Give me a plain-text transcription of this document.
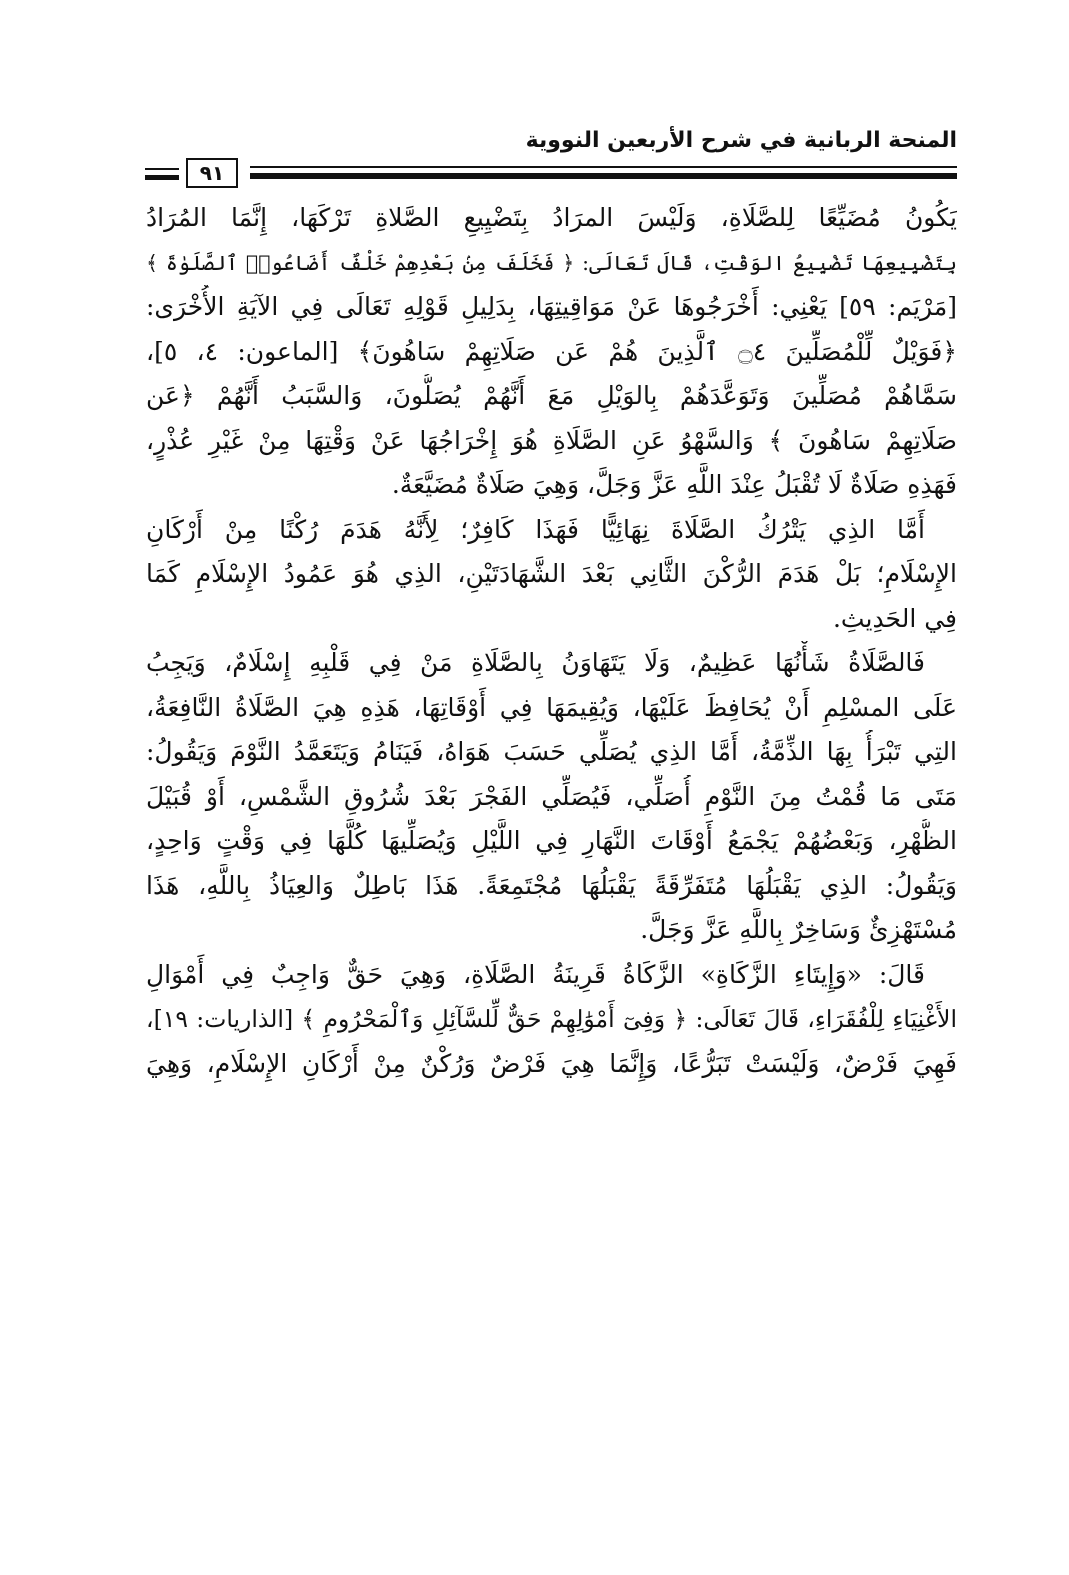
المنحة الربانية في شرح الأربعين النووية
٩١
يَكُونُ مُضَيِّعًا لِلصَّلَاةِ، وَلَيْسَ المرَادُ بِتَضْيِيعِ الصَّلاةِ تَرْكَهَا، إِنَّمَا المُرَادُ
بِتَضْيِيعِهَا تَضْيِيعُ الوَقْتِ، قَالَ تَعَالَى: ﴿ فَخَلَفَ مِنۢ بَعْدِهِمْ خَلْفٌ أَضَاعُوا۟ ٱلصَّلَوٰةَ ﴾
[مَرْيَم: ٥٩] يَعْنِي: أَخْرَجُوهَا عَنْ مَوَاقِيتِهَا، بِدَلِيلِ قَوْلِهِ تَعَالَى فِي الآيَةِ الأُخْرَى:
﴿فَوَيْلٌ لِّلْمُصَلِّينَ ۝٤ ٱلَّذِينَ هُمْ عَن صَلَاتِهِمْ سَاهُونَ﴾ [الماعون: ٤، ٥]،
سَمَّاهُمْ مُصَلِّينَ وَتَوَعَّدَهُمْ بِالوَيْلِ مَعَ أَنَّهُمْ يُصَلُّونَ، وَالسَّبَبُ أَنَّهُمْ ﴿عَن
صَلَاتِهِمْ سَاهُونَ ﴾ وَالسَّهْوُ عَنِ الصَّلَاةِ هُوَ إِخْرَاجُهَا عَنْ وَقْتِهَا مِنْ غَيْرِ عُذْرٍ،
فَهَذِهِ صَلَاةٌ لَا تُقْبَلُ عِنْدَ اللَّهِ عَزَّ وَجَلَّ، وَهِيَ صَلَاةٌ مُضَيَّعَةٌ.
أَمَّا الذِي يَتْرُكُ الصَّلَاةَ نِهَائِيًّا فَهَذَا كَافِرٌ؛ لِأَنَّهُ هَدَمَ رُكْنًا مِنْ أَرْكَانِ
الإِسْلَامِ؛ بَلْ هَدَمَ الرُّكْنَ الثَّانِي بَعْدَ الشَّهَادَتَيْنِ، الذِي هُوَ عَمُودُ الإِسْلَامِ كَمَا
فِي الحَدِيثِ.
فَالصَّلَاةُ شَأْنُهَا عَظِيمٌ، وَلَا يَتَهَاوَنُ بِالصَّلَاةِ مَنْ فِي قَلْبِهِ إِسْلَامٌ، وَيَجِبُ
عَلَى المسْلِمِ أَنْ يُحَافِظَ عَلَيْهَا، وَيُقِيمَهَا فِي أَوْقَاتِهَا، هَذِهِ هِيَ الصَّلَاةُ النَّافِعَةُ،
التِي تَبْرَأُ بِهَا الذِّمَّةُ، أَمَّا الذِي يُصَلِّي حَسَبَ هَوَاهُ، فَيَنَامُ وَيَتَعَمَّدُ النَّوْمَ وَيَقُولُ:
مَتَى مَا قُمْتُ مِنَ النَّوْمِ أُصَلِّي، فَيُصَلِّي الفَجْرَ بَعْدَ شُرُوقِ الشَّمْسِ، أَوْ قُبَيْلَ
الظُّهْرِ، وَبَعْضُهُمْ يَجْمَعُ أَوْقَاتَ النَّهَارِ فِي اللَّيْلِ وَيُصَلِّيهَا كُلَّهَا فِي وَقْتٍ وَاحِدٍ،
وَيَقُولُ: الذِي يَقْبَلُهَا مُتَفَرِّقَةً يَقْبَلُهَا مُجْتَمِعَةً. هَذَا بَاطِلٌ وَالعِيَاذُ بِاللَّهِ، هَذَا
مُسْتَهْزِئٌ وَسَاخِرٌ بِاللَّهِ عَزَّ وَجَلَّ.
قَالَ: «وَإِيتَاءِ الزَّكَاةِ» الزَّكَاةُ قَرِينَةُ الصَّلَاةِ، وَهِيَ حَقٌّ وَاجِبٌ فِي أَمْوَالِ
الأَغْنِيَاءِ لِلْفُقَرَاءِ، قَالَ تَعَالَى: ﴿ وَفِىٓ أَمْوَٰلِهِمْ حَقٌّ لِّلسَّآئِلِ وَٱلْمَحْرُومِ ﴾ [الذاريات: ١٩]،
فَهِيَ فَرْضٌ، وَلَيْسَتْ تَبَرُّعًا، وَإِنَّمَا هِيَ فَرْضٌ وَرُكْنٌ مِنْ أَرْكَانِ الإِسْلَامِ، وَهِيَ
